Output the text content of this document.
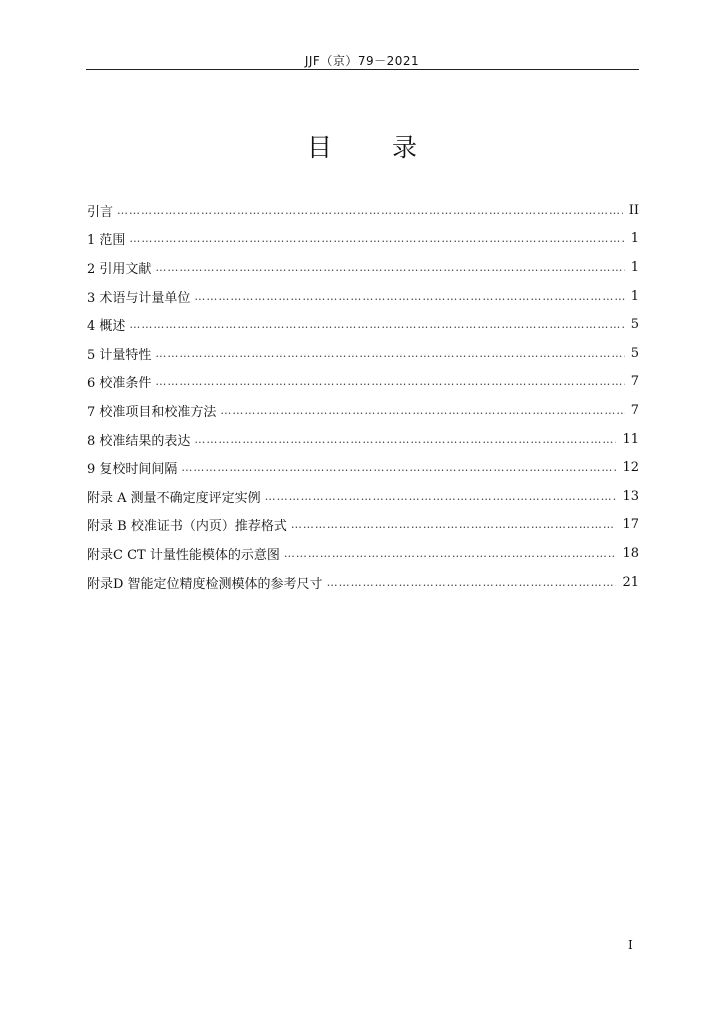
JJF（京）79－2021
目 录
引言 ……………………………………………………………………………………………………………………………………………………………………………………………………………………	II
1 范围 ……………………………………………………………………………………………………………………………………………………………………………………………………………………	1
2 引用文献 ……………………………………………………………………………………………………………………………………………………………………………………………………………………	1
3 术语与计量单位 ……………………………………………………………………………………………………………………………………………………………………………………………………………………	1
4 概述 ……………………………………………………………………………………………………………………………………………………………………………………………………………………	5
5 计量特性 ……………………………………………………………………………………………………………………………………………………………………………………………………………………	5
6 校准条件 ……………………………………………………………………………………………………………………………………………………………………………………………………………………	7
7 校准项目和校准方法 ……………………………………………………………………………………………………………………………………………………………………………………………………………………	7
8 校准结果的表达 ……………………………………………………………………………………………………………………………………………………………………………………………………………………	11
9 复校时间间隔 ……………………………………………………………………………………………………………………………………………………………………………………………………………………	12
附录 A 测量不确定度评定实例 ……………………………………………………………………………………………………………………………………………………………………………………………………………………	13
附录 B 校准证书（内页）推荐格式 ……………………………………………………………………………………………………………………………………………………………………………………………………………………	17
附录C CT 计量性能模体的示意图 ……………………………………………………………………………………………………………………………………………………………………………………………………………………	18
附录D 智能定位精度检测模体的参考尺寸 ……………………………………………………………………………………………………………………………………………………………………………………………………………………	21
I
